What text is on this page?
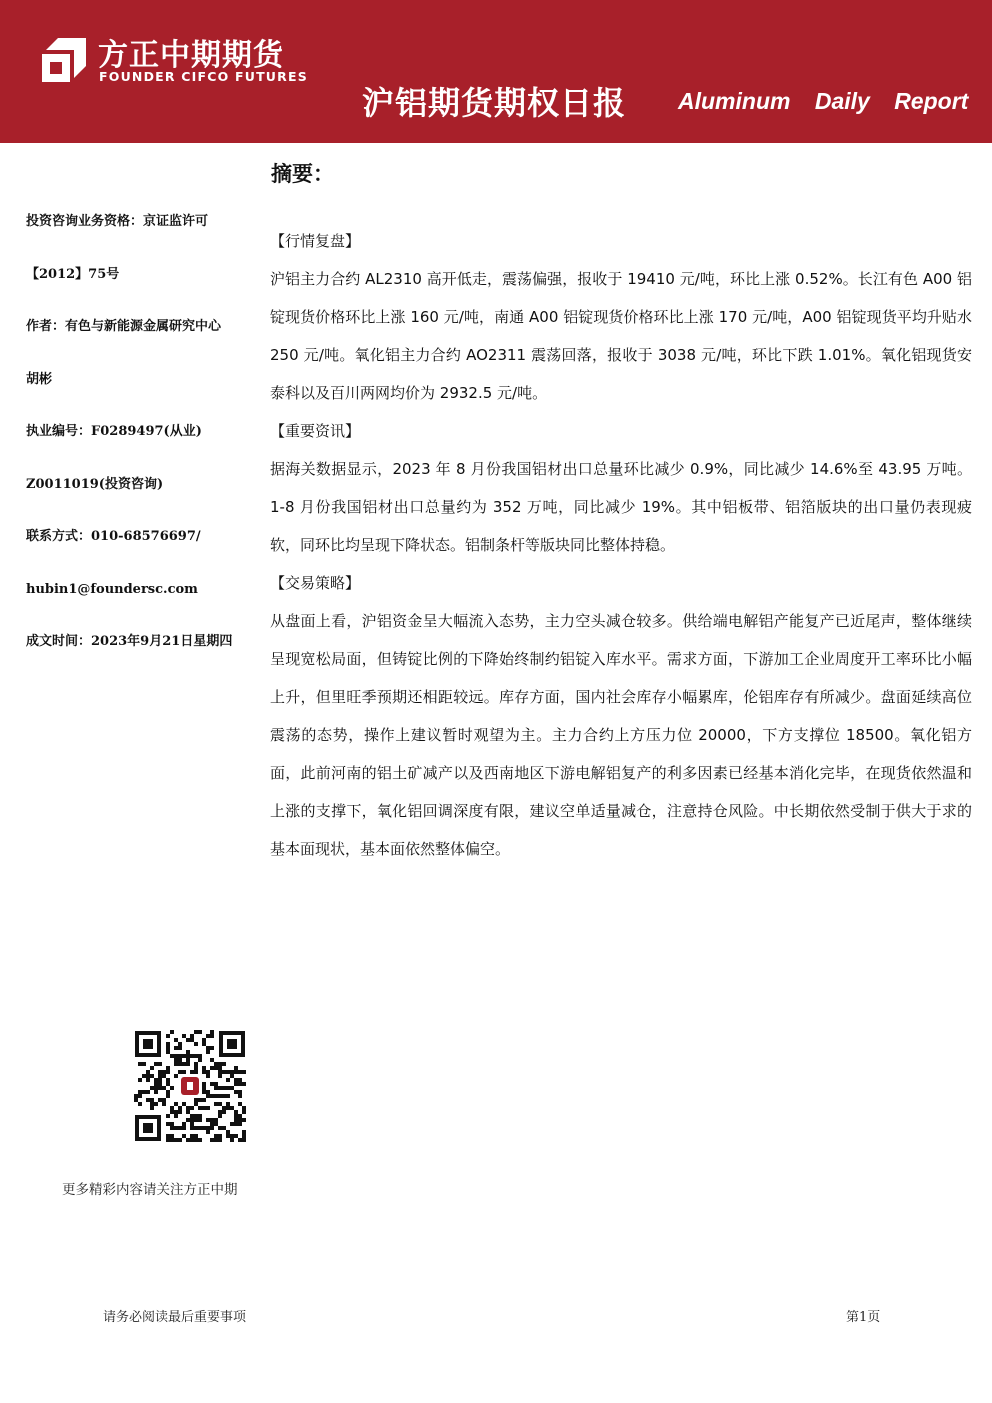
方正中期期货
FOUNDER CIFCO FUTURES
沪铝期货期权日报 Aluminum Daily Report
投资咨询业务资格：京证监许可
【2012】75号
作者：有色与新能源金属研究中心
胡彬
执业编号：F0289497(从业)
Z0011019(投资咨询)
联系方式：010-68576697/
hubin1@foundersc.com
成文时间：2023年9月21日星期四
更多精彩内容请关注方正中期
摘要：

【行情复盘】

沪铝主力合约 AL2310 高开低走，震荡偏强，报收于 19410 元/吨，环比上涨 0.52%。长江有色 A00 铝锭现货价格环比上涨 160 元/吨，南通 A00 铝锭现货价格环比上涨 170 元/吨，A00 铝锭现货平均升贴水 250 元/吨。氧化铝主力合约 AO2311 震荡回落，报收于 3038 元/吨，环比下跌 1.01%。氧化铝现货安泰科以及百川两网均价为 2932.5 元/吨。

【重要资讯】

据海关数据显示，2023 年 8 月份我国铝材出口总量环比减少 0.9%，同比减少 14.6%至 43.95 万吨。1-8 月份我国铝材出口总量约为 352 万吨，同比减少 19%。其中铝板带、铝箔版块的出口量仍表现疲软，同环比均呈现下降状态。铝制条杆等版块同比整体持稳。

【交易策略】

从盘面上看，沪铝资金呈大幅流入态势，主力空头减仓较多。供给端电解铝产能复产已近尾声，整体继续呈现宽松局面，但铸锭比例的下降始终制约铝锭入库水平。需求方面，下游加工企业周度开工率环比小幅上升，但里旺季预期还相距较远。库存方面，国内社会库存小幅累库，伦铝库存有所减少。盘面延续高位震荡的态势，操作上建议暂时观望为主。主力合约上方压力位 20000，下方支撑位 18500。氧化铝方面，此前河南的铝土矿减产以及西南地区下游电解铝复产的利多因素已经基本消化完毕，在现货依然温和上涨的支撑下，氧化铝回调深度有限，建议空单适量减仓，注意持仓风险。中长期依然受制于供大于求的基本面现状，基本面依然整体偏空。

请务必阅读最后重要事项	第1页
